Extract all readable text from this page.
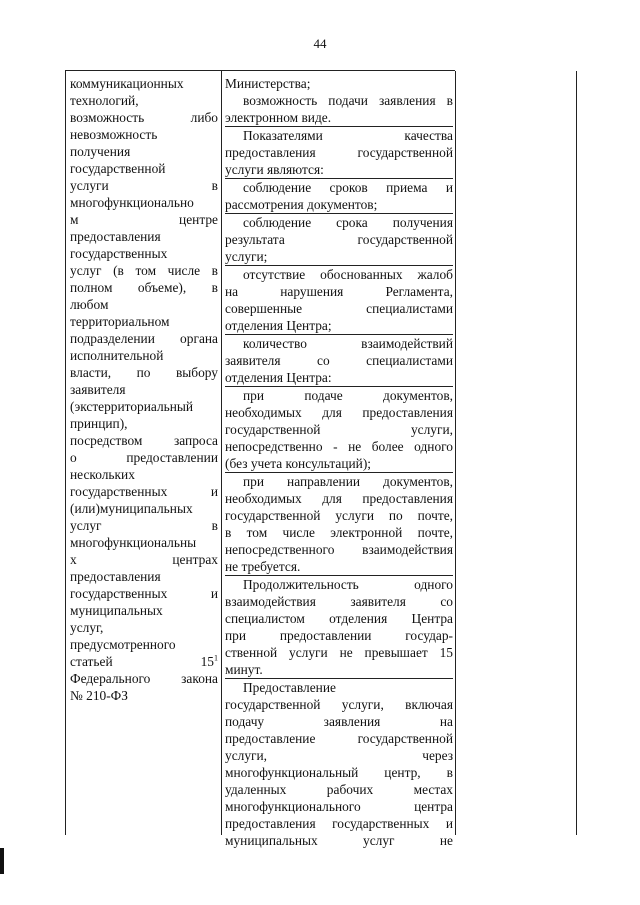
44
коммуникационных
технологий,
возможность либо
невозможность
получения
государственной
услуги в
многофункционально
м центре
предоставления
государственных
услуг (в том числе в
полном объеме), в
любом
территориальном
подразделении органа
исполнительной
власти, по выбору
заявителя
(экстерриториальный
принцип),
посредством запроса
о предоставлении
нескольких
государственных и
(или)муниципальных
услуг в
многофункциональны
х центрах
предоставления
государственных и
муниципальных
услуг,
предусмотренного
статьей $15^1$
Федерального закона
№ 210-ФЗ
Министерства;
возможность подачи заявления в
электронном виде.
Показателями качества
предоставления государственной
услуги являются:
соблюдение сроков приема и
рассмотрения документов;
соблюдение срока получения
результата государственной
услуги;
отсутствие обоснованных жалоб
на нарушения Регламента,
совершенные специалистами
отделения Центра;
количество взаимодействий
заявителя со специалистами
отделения Центра:
при подаче документов,
необходимых для предоставления
государственной услуги,
непосредственно - не более одного
(без учета консультаций);
при направлении документов,
необходимых для предоставления
государственной услуги по почте,
в том числе электронной почте,
непосредственного взаимодействия
не требуется.
Продолжительность одного
взаимодействия заявителя со
специалистом отделения Центра
при предоставлении государ-
ственной услуги не превышает 15
минут.
Предоставление
государственной услуги, включая
подачу заявления на
предоставление государственной
услуги, через
многофункциональный центр, в
удаленных рабочих местах
многофункционального центра
предоставления государственных и
муниципальных услуг не
